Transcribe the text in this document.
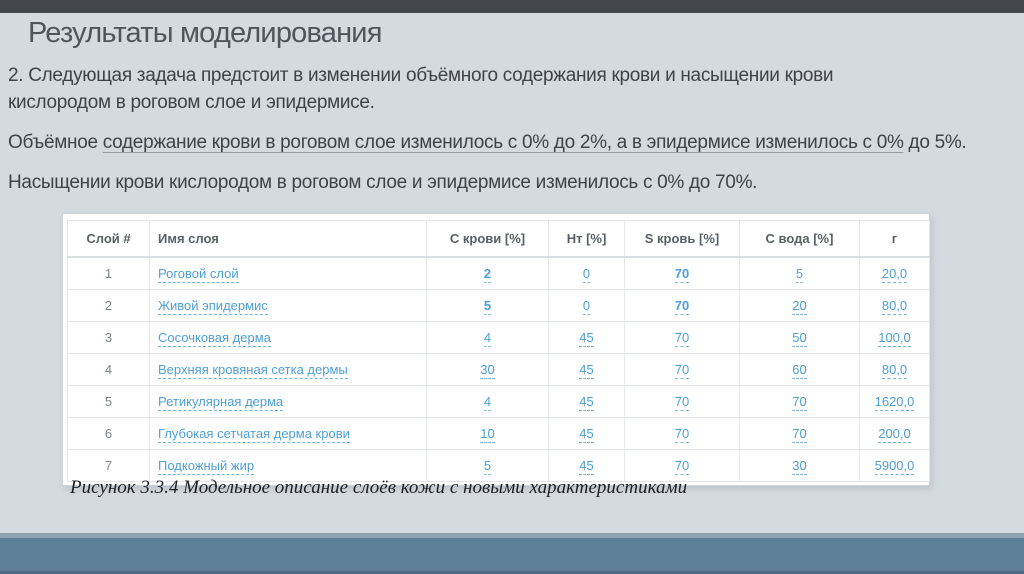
Результаты моделирования

2. Следующая задача предстоит в изменении объёмного содержания крови и насыщении крови кислородом в роговом слое и эпидермисе.

Объёмное содержание крови в роговом слое изменилось с 0% до 2%, а в эпидермисе изменилось с 0% до 5%.

Насыщении крови кислородом в роговом слое и эпидермисе изменилось с 0% до 70%.

Слой #	Имя слоя	С крови [%]	Нт [%]	S кровь [%]	С вода [%]	г
1	Роговой слой	2	0	70	5	20,0
2	Живой эпидермис	5	0	70	20	80,0
3	Сосочковая дерма	4	45	70	50	100,0
4	Верхняя кровяная сетка дермы	30	45	70	60	80,0
5	Ретикулярная дерма	4	45	70	70	1620,0
6	Глубокая сетчатая дерма крови	10	45	70	70	200,0
7	Подкожный жир	5	45	70	30	5900,0
Рисунок 3.3.4 Модельное описание слоёв кожи с новыми характеристиками
